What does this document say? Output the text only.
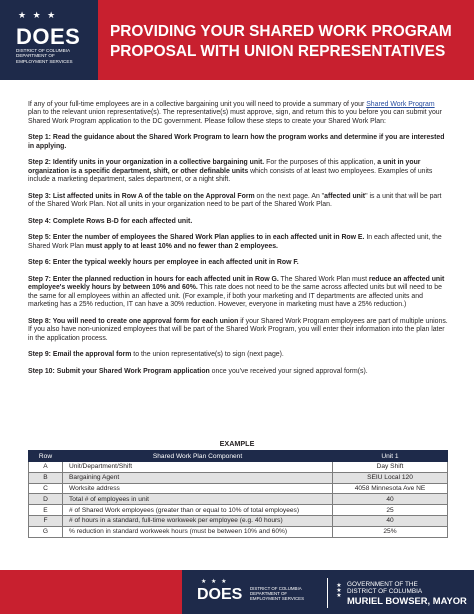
★ ★ ★
DOES
DISTRICT OF COLUMBIA
DEPARTMENT OF
EMPLOYMENT SERVICES
PROVIDING YOUR SHARED WORK PROGRAM
PROPOSAL WITH UNION REPRESENTATIVES

If any of your full-time employees are in a collective bargaining unit you will need to provide a summary of your Shared Work Program plan to the relevant union representative(s). The representative(s) must approve, sign, and return this to you before you can submit your Shared Work Program application to the DC government. Please follow these steps to create your Shared Work Plan:

Step 1: Read the guidance about the Shared Work Program to learn how the program works and determine if you are interested in applying.

Step 2: Identify units in your organization in a collective bargaining unit. For the purposes of this application, a unit in your organization is a specific department, shift, or other definable units which consists of at least two employees. Examples of units include a marketing department, sales department, or a night shift.

Step 3: List affected units in Row A of the table on the Approval Form on the next page. An "affected unit" is a unit that will be part of the Shared Work Plan. Not all units in your organization need to be part of the Shared Work Plan.

Step 4: Complete Rows B-D for each affected unit.

Step 5: Enter the number of employees the Shared Work Plan applies to in each affected unit in Row E. In each affected unit, the Shared Work Plan must apply to at least 10% and no fewer than 2 employees.

Step 6: Enter the typical weekly hours per employee in each affected unit in Row F.

Step 7: Enter the planned reduction in hours for each affected unit in Row G. The Shared Work Plan must reduce an affected unit employee's weekly hours by between 10% and 60%. This rate does not need to be the same across affected units but will need to be the same for all employees within an affected unit. (For example, if both your marketing and IT departments are affected units and marketing has a 25% reduction, IT can have a 30% reduction. However, everyone in marketing must have a 25% reduction.)

Step 8: You will need to create one approval form for each union if your Shared Work Program employees are part of multiple unions. If you also have non-unionized employees that will be part of the Shared Work Program, you will enter their information into the plan later in the application process.

Step 9: Email the approval form to the union representative(s) to sign (next page).

Step 10: Submit your Shared Work Program application once you've received your signed approval form(s).

EXAMPLE
Row	Shared Work Plan Component	Unit 1
A	Unit/Department/Shift	Day Shift
B	Bargaining Agent	SEIU Local 120
C	Worksite address	4058 Minnesota Ave NE
D	Total # of employees in unit	40
E	# of Shared Work employees (greater than or equal to 10% of total employees)	25
F	# of hours in a standard, full-time workweek per employee (e.g. 40 hours)	40
G	% reduction in standard workweek hours (must be between 10% and 60%)	25%
★ ★ ★
DOES DISTRICT OF COLUMBIA
DEPARTMENT OF
EMPLOYMENT SERVICES
★ ★ ★
GOVERNMENT OF THE
DISTRICT OF COLUMBIA
MURIEL BOWSER, MAYOR
